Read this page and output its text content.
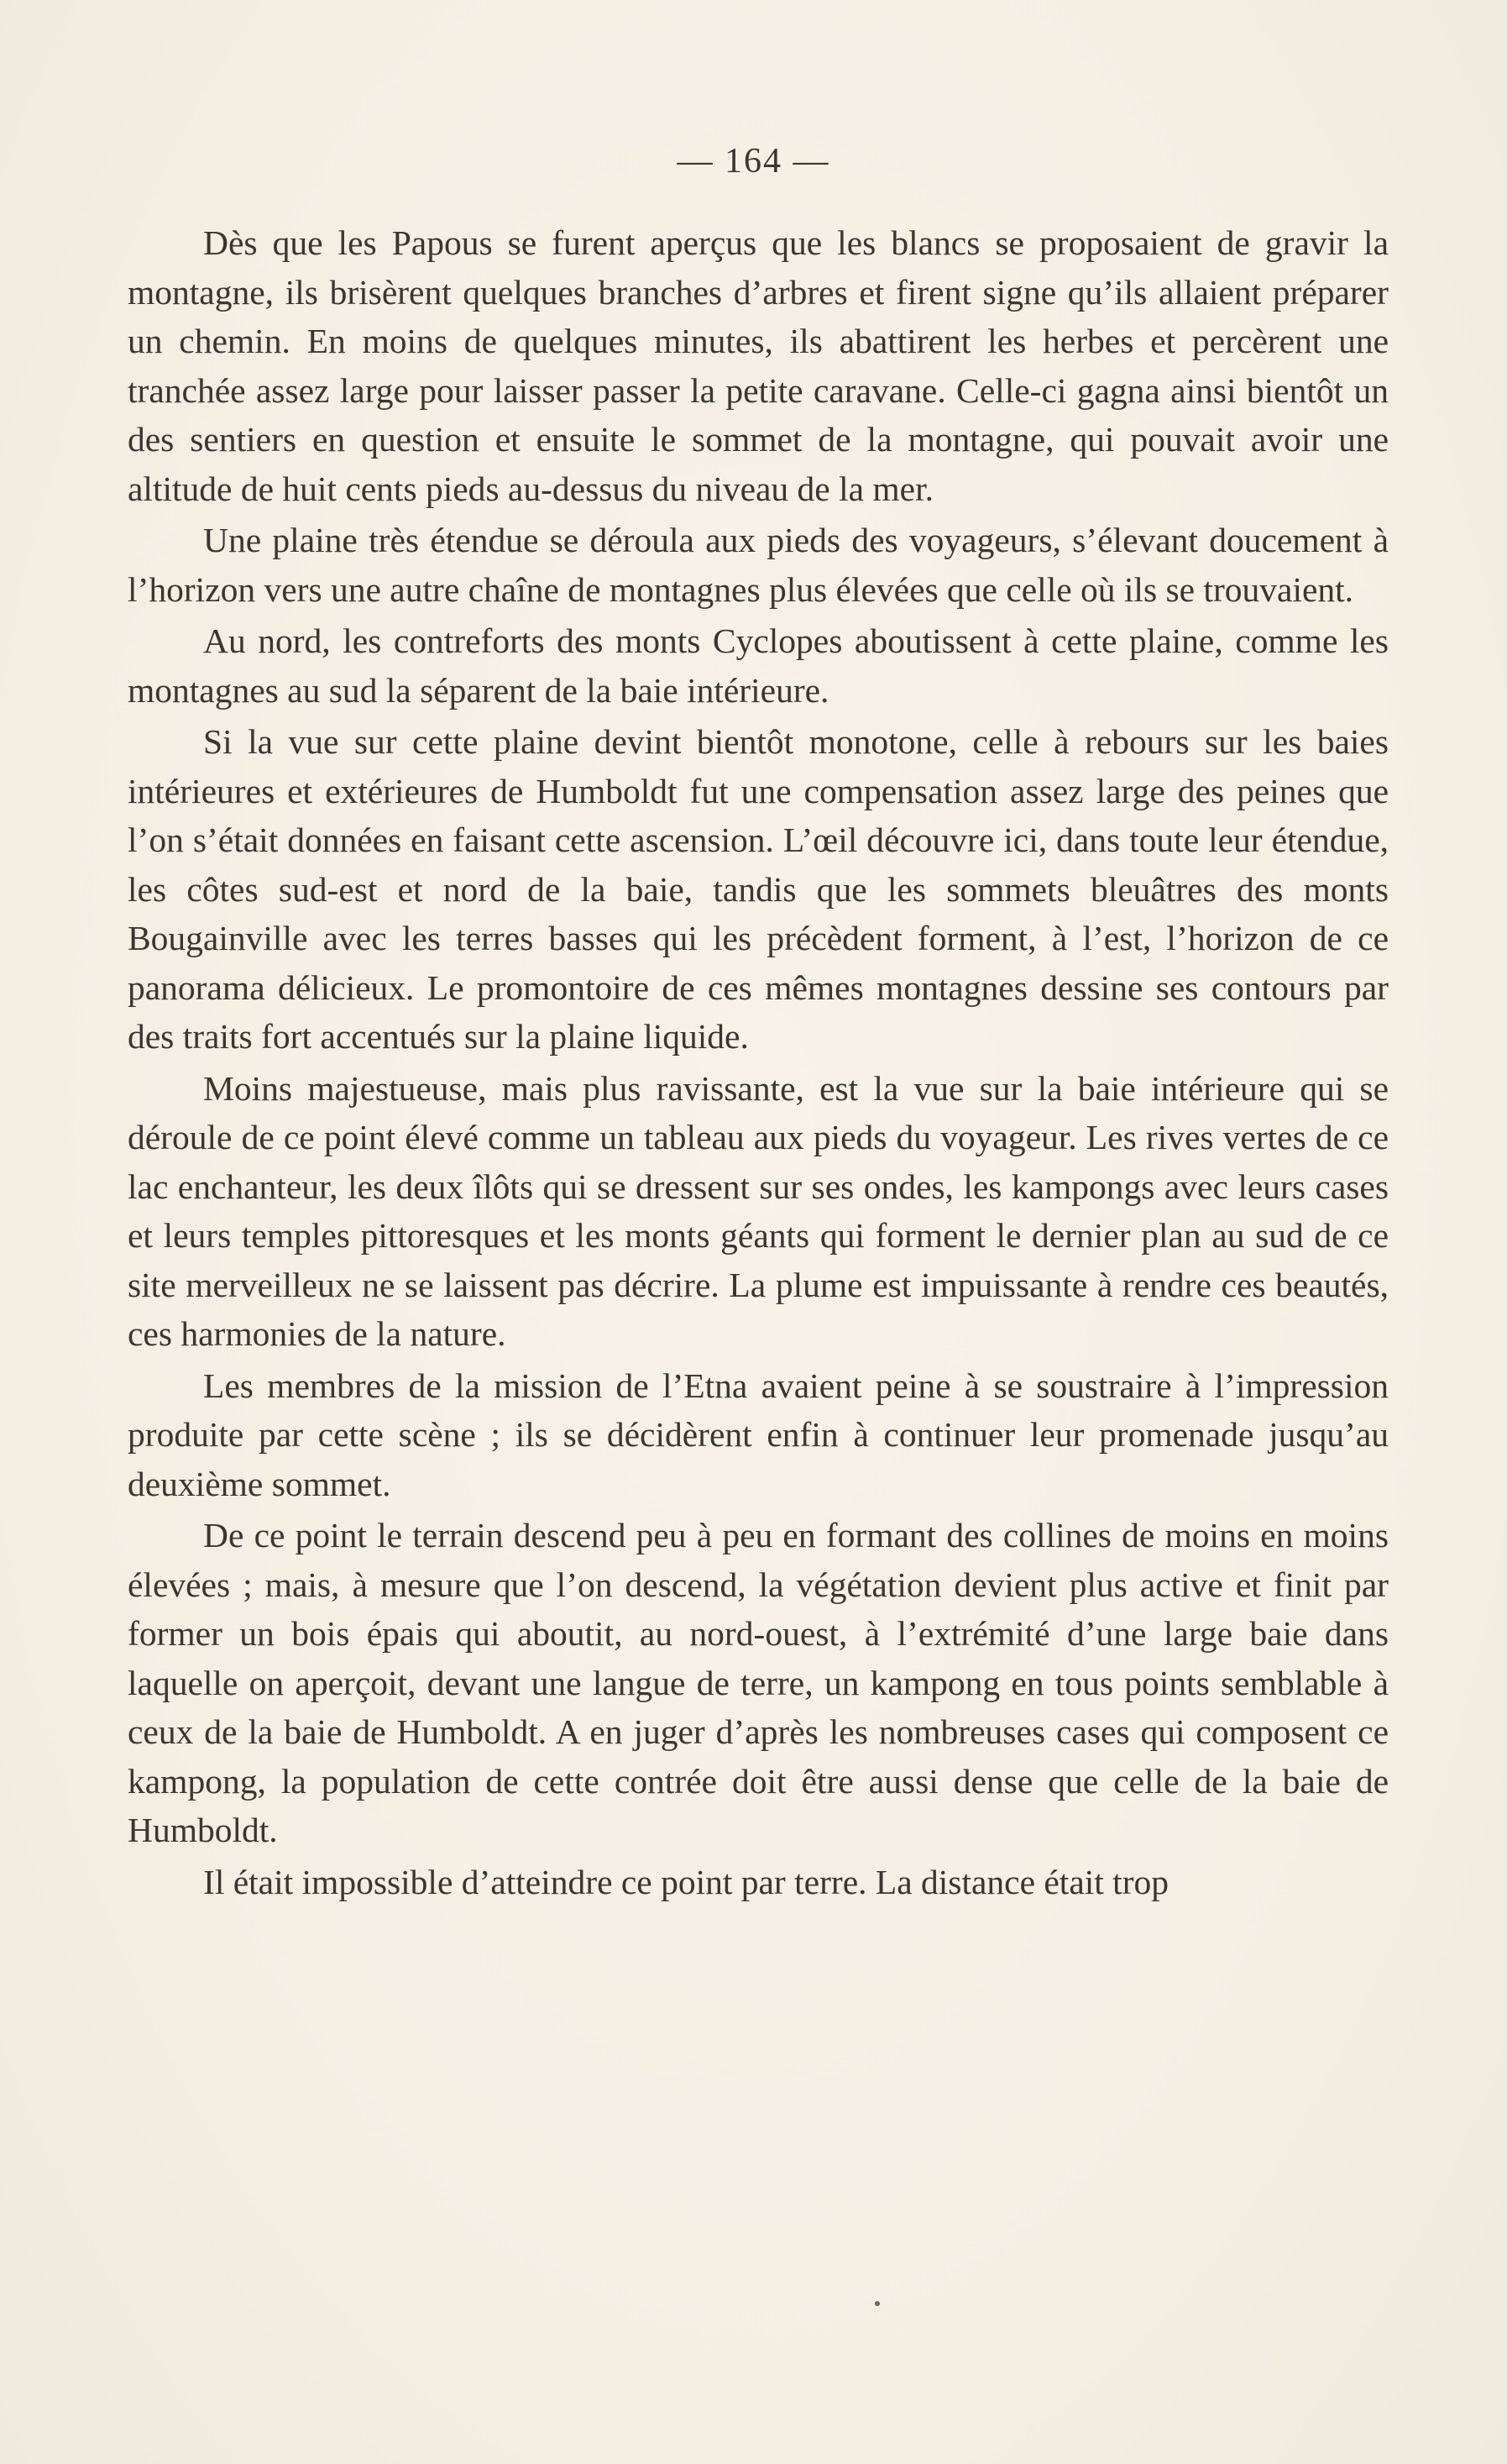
— 164 —

Dès que les Papous se furent aperçus que les blancs se proposaient de gravir la montagne, ils brisèrent quelques branches d’arbres et firent signe qu’ils allaient préparer un chemin. En moins de quelques minutes, ils abattirent les herbes et percèrent une tranchée assez large pour laisser passer la petite caravane. Celle-ci gagna ainsi bientôt un des sentiers en question et ensuite le sommet de la montagne, qui pouvait avoir une altitude de huit cents pieds au-dessus du niveau de la mer.

Une plaine très étendue se déroula aux pieds des voyageurs, s’élevant doucement à l’horizon vers une autre chaîne de montagnes plus élevées que celle où ils se trouvaient.

Au nord, les contreforts des monts Cyclopes aboutissent à cette plaine, comme les montagnes au sud la séparent de la baie intérieure.

Si la vue sur cette plaine devint bientôt monotone, celle à rebours sur les baies intérieures et extérieures de Humboldt fut une compensation assez large des peines que l’on s’était données en faisant cette ascension. L’œil découvre ici, dans toute leur étendue, les côtes sud-est et nord de la baie, tandis que les sommets bleuâtres des monts Bougainville avec les terres basses qui les précèdent forment, à l’est, l’horizon de ce panorama délicieux. Le promontoire de ces mêmes montagnes dessine ses contours par des traits fort accentués sur la plaine liquide.

Moins majestueuse, mais plus ravissante, est la vue sur la baie intérieure qui se déroule de ce point élevé comme un tableau aux pieds du voyageur. Les rives vertes de ce lac enchanteur, les deux îlôts qui se dressent sur ses ondes, les kampongs avec leurs cases et leurs temples pittoresques et les monts géants qui forment le dernier plan au sud de ce site merveilleux ne se laissent pas décrire. La plume est impuissante à rendre ces beautés, ces harmonies de la nature.

Les membres de la mission de l’Etna avaient peine à se soustraire à l’impression produite par cette scène ; ils se décidèrent enfin à continuer leur promenade jusqu’au deuxième sommet.

De ce point le terrain descend peu à peu en formant des collines de moins en moins élevées ; mais, à mesure que l’on descend, la végétation devient plus active et finit par former un bois épais qui aboutit, au nord-ouest, à l’extrémité d’une large baie dans laquelle on aperçoit, devant une langue de terre, un kampong en tous points semblable à ceux de la baie de Humboldt. A en juger d’après les nombreuses cases qui composent ce kampong, la population de cette contrée doit être aussi dense que celle de la baie de Humboldt.

Il était impossible d’atteindre ce point par terre. La distance était trop
